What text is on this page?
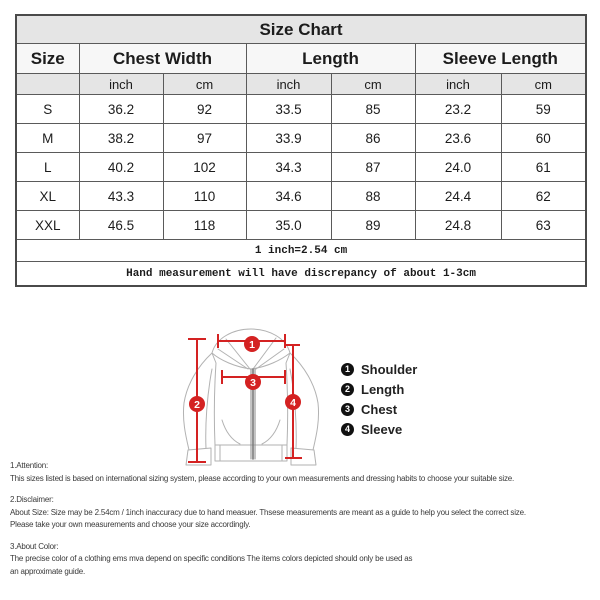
Size Chart						
Size	Chest Width		Length		Sleeve Length	
	inch	cm	inch	cm	inch	cm
S	36.2	92	33.5	85	23.2	59
M	38.2	97	33.9	86	23.6	60
L	40.2	102	34.3	87	24.0	61
XL	43.3	110	34.6	88	24.4	62
XXL	46.5	118	35.0	89	24.8	63
1 inch=2.54 cm						
Hand measurement will have discrepancy of about 1-3cm						
1
2
3
4
1 Shoulder
2 Length
3 Chest
4 Sleeve
1.Attention:
This sizes listed is based on international sizing system, please according to your own measurements and dressing habits to choose your suitable size.
2.Disclaimer:
About Size: Size may be 2.54cm / 1inch inaccuracy due to hand measuer. Thsese measurements are meant as a guide to help you select the correct size.
Please take your own measurements and choose your size accordingly.
3.About Color:
The precise color of a clothing ems mva depend on specific conditions The items colors depicted should only be used as
an approximate guide.
